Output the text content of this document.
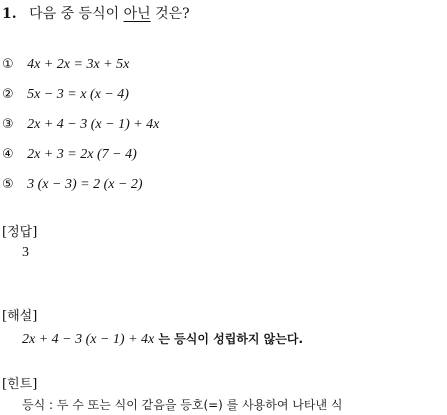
1. 다음 중 등식이 아닌 것은?
① 4x + 2x = 3x + 5x
② 5x − 3 = x (x − 4)
③ 2x + 4 − 3 (x − 1) + 4x
④ 2x + 3 = 2x (7 − 4)
⑤ 3 (x − 3) = 2 (x − 2)
[정답]
3
[해설]
2x + 4 − 3 (x − 1) + 4x 는 등식이 성립하지 않는다.
[힌트]
등식 : 두 수 또는 식이 같음을 등호(=) 를 사용하여 나타낸 식
